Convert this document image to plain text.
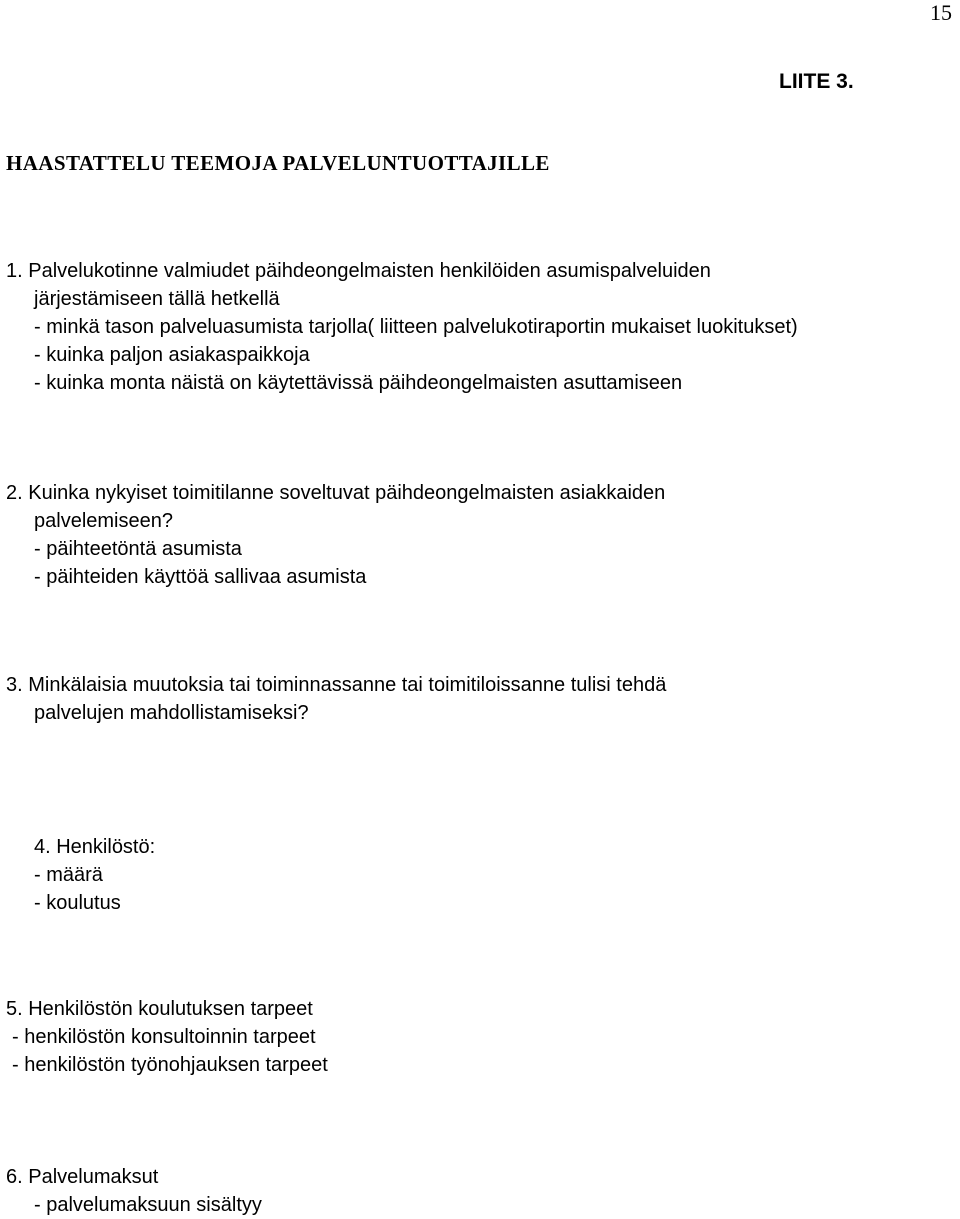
15
LIITE 3.
HAASTATTELU TEEMOJA PALVELUNTUOTTAJILLE
1. Palvelukotinne valmiudet päihdeongelmaisten henkilöiden asumispalveluiden
järjestämiseen tällä hetkellä
- minkä tason palveluasumista tarjolla( liitteen palvelukotiraportin mukaiset luokitukset)
- kuinka paljon asiakaspaikkoja
- kuinka monta näistä on käytettävissä päihdeongelmaisten asuttamiseen
2. Kuinka nykyiset toimitilanne soveltuvat päihdeongelmaisten asiakkaiden
palvelemiseen?
- päihteetöntä asumista
- päihteiden käyttöä sallivaa asumista
3. Minkälaisia muutoksia tai toiminnassanne tai toimitiloissanne tulisi tehdä
palvelujen mahdollistamiseksi?
4. Henkilöstö:
- määrä
- koulutus
5. Henkilöstön koulutuksen tarpeet
- henkilöstön konsultoinnin tarpeet
- henkilöstön työnohjauksen tarpeet
6. Palvelumaksut
- palvelumaksuun sisältyy
